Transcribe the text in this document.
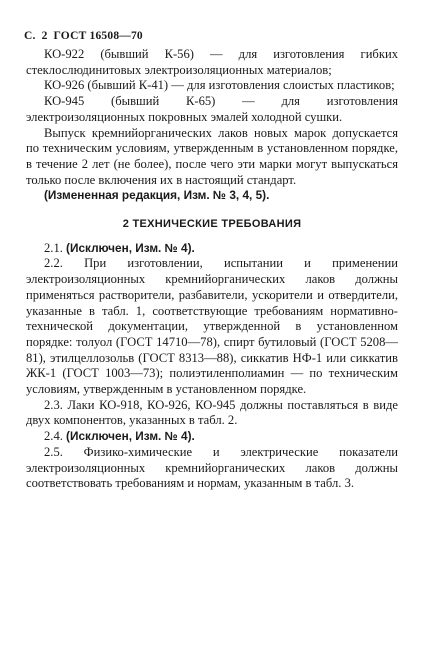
С. 2 ГОСТ 16508—70

КО-922 (бывший К-56) — для изготовления гибких стеклослюдинитовых электроизоляционных материалов;

КО-926 (бывший К-41) — для изготовления слоистых пластиков;

КО-945 (бывший К-65) — для изготовления электроизоляционных покровных эмалей холодной сушки.

Выпуск кремнийорганических лаков новых марок допускается по техническим условиям, утвержденным в установленном порядке, в течение 2 лет (не более), после чего эти марки могут выпускаться только после включения их в настоящий стандарт.

(Измененная редакция, Изм. № 3, 4, 5).

2 ТЕХНИЧЕСКИЕ ТРЕБОВАНИЯ

2.1. (Исключен, Изм. № 4).

2.2. При изготовлении, испытании и применении электроизоляционных кремнийорганических лаков должны применяться растворители, разбавители, ускорители и отвердители, указанные в табл. 1, соответствующие требованиям нормативно-технической документации, утвержденной в установленном порядке: толуол (ГОСТ 14710—78), спирт бутиловый (ГОСТ 5208—81), этилцеллозольв (ГОСТ 8313—88), сиккатив НФ-1 или сиккатив ЖК-1 (ГОСТ 1003—73); полиэтиленполиамин — по техническим условиям, утвержденным в установленном порядке.

2.3. Лаки КО-918, КО-926, КО-945 должны поставляться в виде двух компонентов, указанных в табл. 2.

2.4. (Исключен, Изм. № 4).

2.5. Физико-химические и электрические показатели электроизоляционных кремнийорганических лаков должны соответствовать требованиям и нормам, указанным в табл. 3.
